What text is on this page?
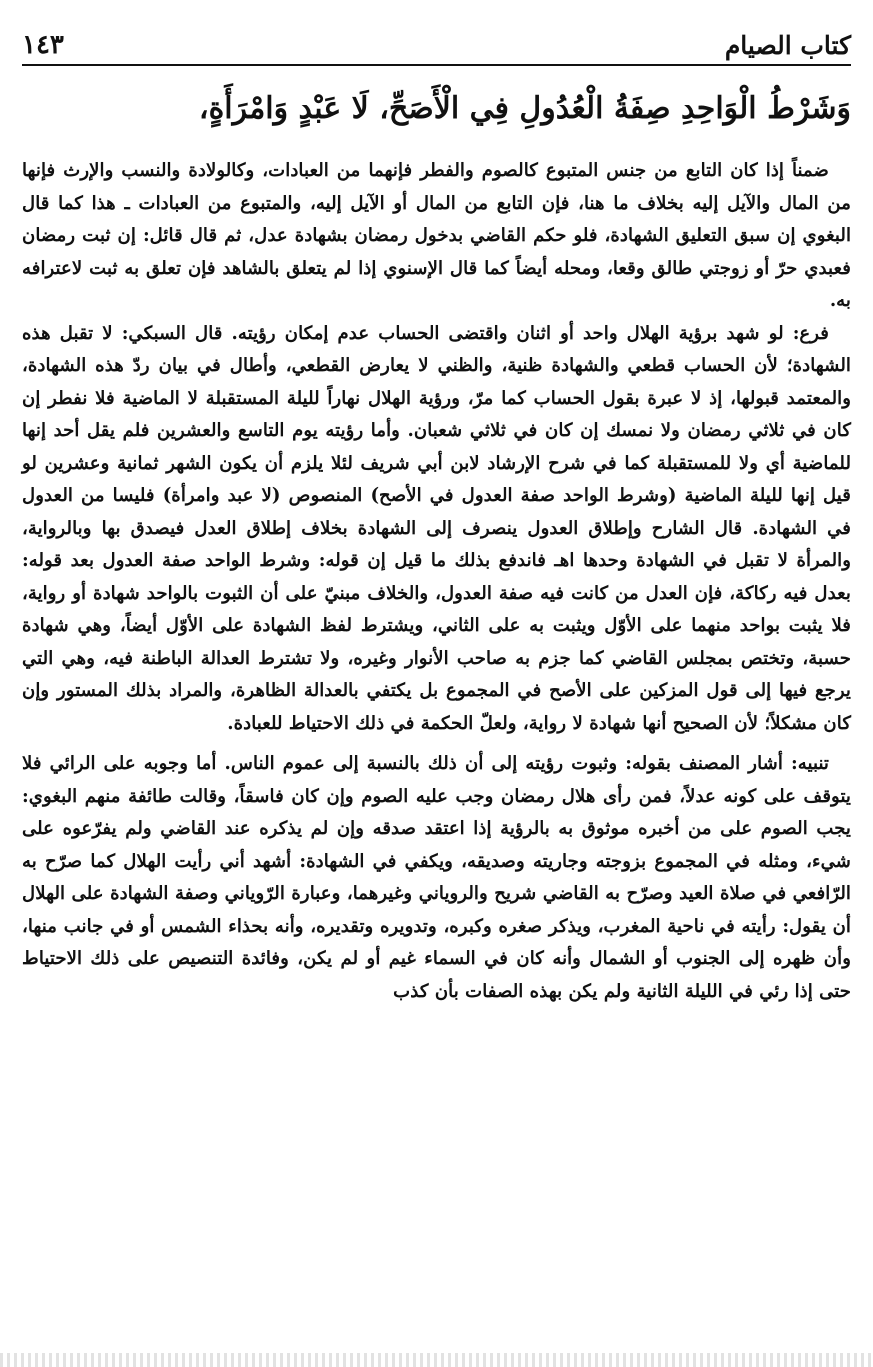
كتاب الصيام
١٤٣
وَشَرْطُ الْوَاحِدِ صِفَةُ الْعُدُولِ فِي الْأَصَحِّ، لَا عَبْدٍ وَامْرَأَةٍ،

ضمناً إذا كان التابع من جنس المتبوع كالصوم والفطر فإنهما من العبادات، وكالولادة والنسب والإرث فإنها من المال والآيل إليه بخلاف ما هنا، فإن التابع من المال أو الآيل إليه، والمتبوع من العبادات ـ هذا كما قال البغوي إن سبق التعليق الشهادة، فلو حكم القاضي بدخول رمضان بشهادة عدل، ثم قال قائل: إن ثبت رمضان فعبدي حرّ أو زوجتي طالق وقعا، ومحله أيضاً كما قال الإسنوي إذا لم يتعلق بالشاهد فإن تعلق به ثبت لاعترافه به.

فرع: لو شهد برؤية الهلال واحد أو اثنان واقتضى الحساب عدم إمكان رؤيته. قال السبكي: لا تقبل هذه الشهادة؛ لأن الحساب قطعي والشهادة ظنية، والظني لا يعارض القطعي، وأطال في بيان ردّ هذه الشهادة، والمعتمد قبولها، إذ لا عبرة بقول الحساب كما مرّ، ورؤية الهلال نهاراً لليلة المستقبلة لا الماضية فلا نفطر إن كان في ثلاثي رمضان ولا نمسك إن كان في ثلاثي شعبان. وأما رؤيته يوم التاسع والعشرين فلم يقل أحد إنها للماضية أي ولا للمستقبلة كما في شرح الإرشاد لابن أبي شريف لئلا يلزم أن يكون الشهر ثمانية وعشرين لو قيل إنها لليلة الماضية (وشرط الواحد صفة العدول في الأصح) المنصوص (لا عبد وامرأة) فليسا من العدول في الشهادة. قال الشارح وإطلاق العدول ينصرف إلى الشهادة بخلاف إطلاق العدل فيصدق بها وبالرواية، والمرأة لا تقبل في الشهادة وحدها اهـ فاندفع بذلك ما قيل إن قوله: وشرط الواحد صفة العدول بعد قوله: بعدل فيه ركاكة، فإن العدل من كانت فيه صفة العدول، والخلاف مبنيّ على أن الثبوت بالواحد شهادة أو رواية، فلا يثبت بواحد منهما على الأوّل ويثبت به على الثاني، ويشترط لفظ الشهادة على الأوّل أيضاً، وهي شهادة حسبة، وتختص بمجلس القاضي كما جزم به صاحب الأنوار وغيره، ولا تشترط العدالة الباطنة فيه، وهي التي يرجع فيها إلى قول المزكين على الأصح في المجموع بل يكتفي بالعدالة الظاهرة، والمراد بذلك المستور وإن كان مشكلاً؛ لأن الصحيح أنها شهادة لا رواية، ولعلّ الحكمة في ذلك الاحتياط للعبادة.

تنبيه: أشار المصنف بقوله: وثبوت رؤيته إلى أن ذلك بالنسبة إلى عموم الناس. أما وجوبه على الرائي فلا يتوقف على كونه عدلاً، فمن رأى هلال رمضان وجب عليه الصوم وإن كان فاسقاً، وقالت طائفة منهم البغوي: يجب الصوم على من أخبره موثوق به بالرؤية إذا اعتقد صدقه وإن لم يذكره عند القاضي ولم يفرّعوه على شيء، ومثله في المجموع بزوجته وجاريته وصديقه، ويكفي في الشهادة: أشهد أني رأيت الهلال كما صرّح به الرّافعي في صلاة العيد وصرّح به القاضي شريح والروياني وغيرهما، وعبارة الرّوياني وصفة الشهادة على الهلال أن يقول: رأيته في ناحية المغرب، ويذكر صغره وكبره، وتدويره وتقديره، وأنه بحذاء الشمس أو في جانب منها، وأن ظهره إلى الجنوب أو الشمال وأنه كان في السماء غيم أو لم يكن، وفائدة التنصيص على ذلك الاحتياط حتى إذا رئي في الليلة الثانية ولم يكن بهذه الصفات بأن كذب
